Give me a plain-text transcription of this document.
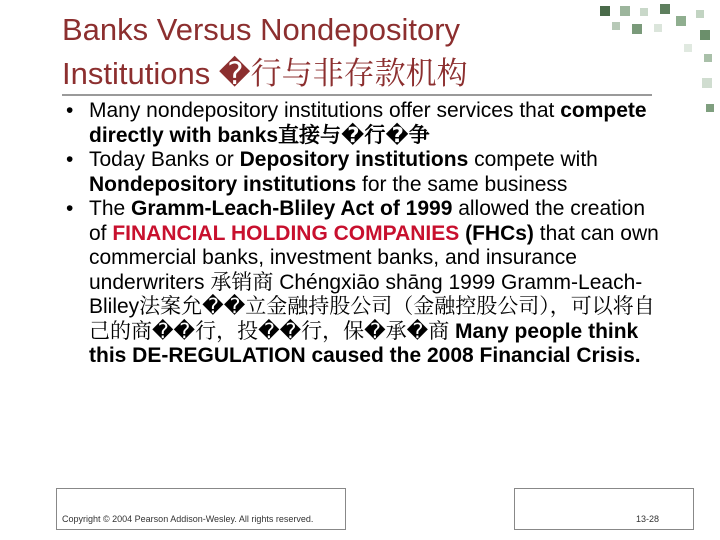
Banks Versus Nondepository
Institutions �行与非存款机构
• Many nondepository institutions offer services that compete directly with banks直接与�行�争
• Today Banks or Depository institutions compete with Nondepository institutions for the same business
• The Gramm-Leach-Bliley Act of 1999 allowed the creation of FINANCIAL HOLDING COMPANIES (FHCs) that can own commercial banks, investment banks, and insurance underwriters 承销商 Chéngxiāo shāng 1999 Gramm-Leach-Bliley法案允��立金融持股公司（金融控股公司），可以将自己的商��行，投��行，保�承�商 Many people think this DE-REGULATION caused the 2008 Financial Crisis.
Copyright © 2004 Pearson Addison-Wesley. All rights reserved.	13-28
